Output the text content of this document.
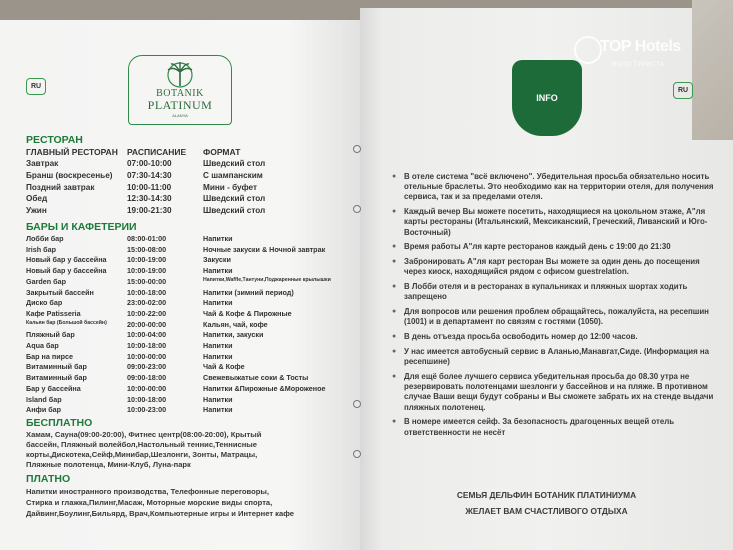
RU
BOTANIK
PLATINUM
ALANYA
РЕСТОРАН
ГЛАВНЫЙ РЕСТОРАН РАСПИСАНИЕ ФОРМАТ
Завтрак	07:00-10:00	Шведский стол
Бранш (воскресенье) 07:30-14:30	С шампанским
Поздний завтрак	10:00-11:00	Мини - буфет
Обед	12:30-14:30	Шведский стол
Ужин	19:00-21:30	Шведский стол
БАРЫ И КАФЕТЕРИИ
Лобби бар	08:00-01:00	Напитки
Irish бар	15:00-08:00	Ночные закуски & Ночной завтрак
Новый бар у бассейна	10:00-19:00	Закуски
Новый бар у бассейна	10:00-19:00	Напитки
Garden бар	15:00-00:00	Напитки,Waffle,Тантуни,Поджаренные крылышки
Закрытый бассейн	10:00-18:00	Напитки (зимний период)
Диско бар	23:00-02:00	Напитки
Кафе Patisseria	10:00-22:00	Чай & Кофе & Пирожные
Кальян бар (Большой бассейн)	20:00-00:00	Кальян, чай, кофе
Пляжный бар	10:00-04:00	Напитки, закуски
Aqua бар	10:00-18:00	Напитки
Бар на пирсе	10:00-00:00	Напитки
Витаминный бар	09:00-23:00	Чай & Кофе
Витаминный бар	09:00-18:00	Свежевыжатые соки & Тосты
Бар у бассейна	10:00-00:00	Напитки &Пирожные &Мороженое
Island бар	10:00-18:00	Напитки
Анфи бар	10:00-23:00	Напитки
БЕСПЛАТНО
Хамам, Сауна(09:00-20:00), Фитнес центр(08:00-20:00), Крытый
бассейн, Пляжный волейбол,Настольный теннис,Теннисные
корты,Дискотека,Сейф,Минибар,Шезлонги, Зонты, Матрацы,
Пляжные полотенца, Мини-Клуб, Луна-парк
ПЛАТНО
Напитки иностранного производства, Телефонные переговоры,
Стирка и глажка,Пилинг,Масаж, Моторные морские виды спорта,
Дайвинг,Боулинг,Бильярд, Врач,Компьютерные игры и Интернет кафе
INFO
RU
TOP Hotels
ФОТО ТУРИСТА
● В отеле система "всё включено". Убедительная просьба обязательно носить отельные браслеты. Это необходимо как на территории отеля, для получения сервиса, так и за пределами отеля.
● Каждый вечер Вы можете посетить, находящиеся на цокольном этаже, А"ля карты рестораны (Итальянский, Мексиканский, Греческий, Ливанский и Юго-Восточный)
● Время работы А"ля карте ресторанов каждый день с 19:00 до 21:30
● Забронировать А"ля карт ресторан Вы можете за один день до посещения через киоск, находящийся рядом с офисом guestrelation.
● В Лобби отеля и в ресторанах в купальниках и пляжных шортах ходить запрещено
● Для вопросов или решения проблем обращайтесь, пожалуйста, на ресепшин (1001) и в департамент по связям с гостями (1050).
● В день отъезда просьба освободить номер до 12:00 часов.
● У нас имеется автобусный сервис в Аланью,Манавгат,Сиде. (Информация на ресепшине)
● Для ещё более лучшего сервиса убедительная просьба до 08.30 утра не резервировать полотенцами шезлонги у бассейнов и на пляже. В противном случае Ваши вещи будут собраны и Вы сможете забрать их на стенде выдачи пляжных полотенец.
● В номере имеется сейф. За безопасность драгоценных вещей отель ответственности не несёт
СЕМЬЯ ДЕЛЬФИН БОТАНИК ПЛАТИНИУМА
ЖЕЛАЕТ ВАМ СЧАСТЛИВОГО ОТДЫХА
